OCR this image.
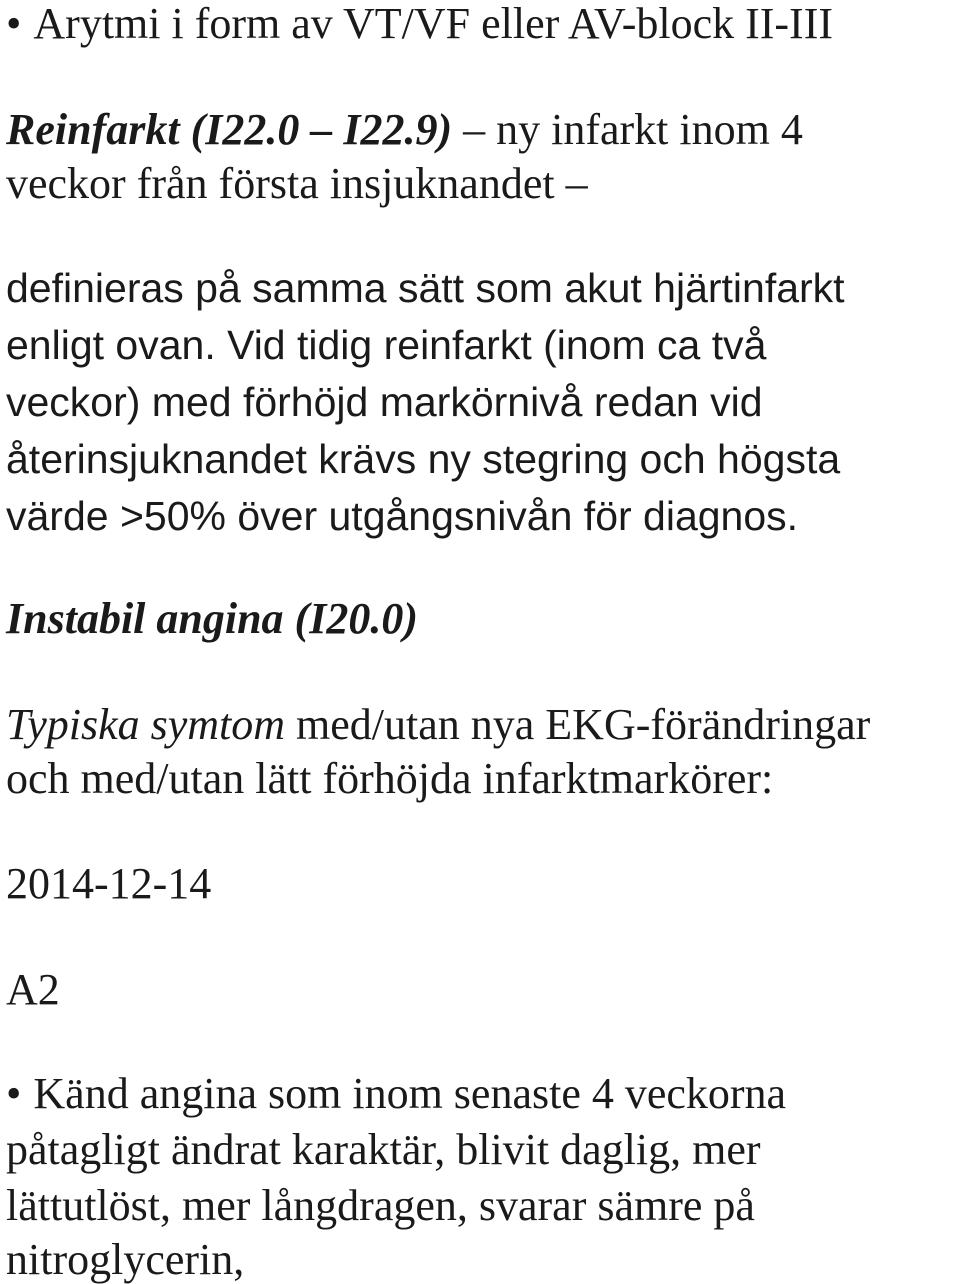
• Arytmi i form av VT/VF eller AV-block II-III
Reinfarkt (I22.0 – I22.9) – ny infarkt inom 4
veckor från första insjuknandet –
definieras på samma sätt som akut hjärtinfarkt
enligt ovan. Vid tidig reinfarkt (inom ca två
veckor) med förhöjd markörnivå redan vid
återinsjuknandet krävs ny stegring och högsta
värde >50% över utgångsnivån för diagnos.
Instabil angina (I20.0)
Typiska symtom med/utan nya EKG-förändringar
och med/utan lätt förhöjda infarktmarkörer:
2014-12-14
A2
• Känd angina som inom senaste 4 veckorna
påtagligt ändrat karaktär, blivit daglig, mer
lättutlöst, mer långdragen, svarar sämre på
nitroglycerin,
